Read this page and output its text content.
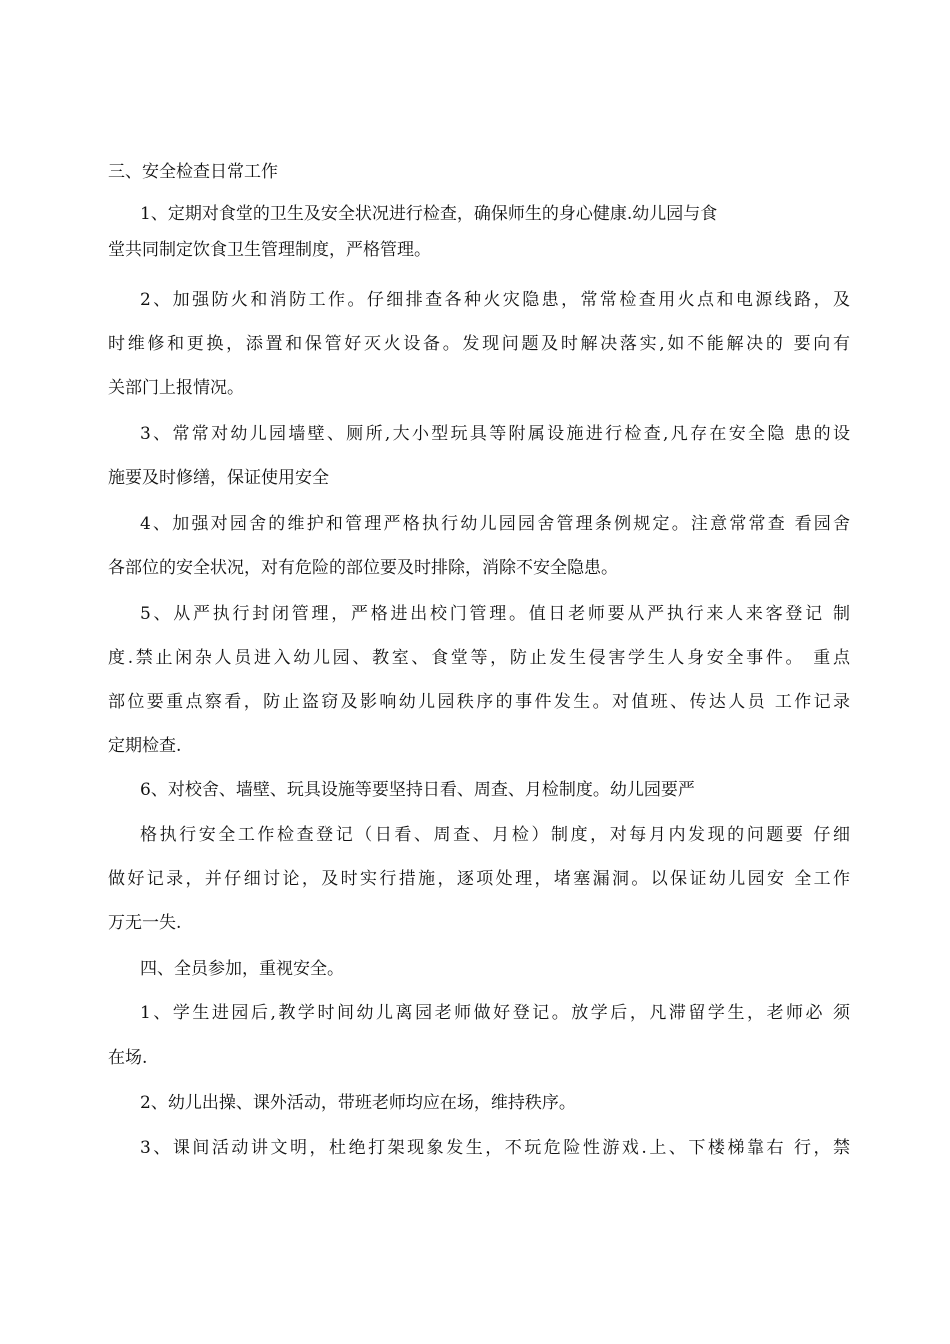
三、安全检查日常工作
1、定期对食堂的卫生及安全状况进行检查，确保师生的身心健康.幼儿园与食
堂共同制定饮食卫生管理制度，严格管理。
2、加强防火和消防工作。仔细排查各种火灾隐患，常常检查用火点和电源线路，及
时维修和更换，添置和保管好灭火设备。发现问题及时解决落实,如不能解决的 要向有
关部门上报情况。
3、常常对幼儿园墙壁、厕所,大小型玩具等附属设施进行检查,凡存在安全隐 患的设
施要及时修缮，保证使用安全
4、加强对园舍的维护和管理严格执行幼儿园园舍管理条例规定。注意常常查 看园舍
各部位的安全状况，对有危险的部位要及时排除，消除不安全隐患。
5、从严执行封闭管理，严格进出校门管理。值日老师要从严执行来人来客登记 制
度.禁止闲杂人员进入幼儿园、教室、食堂等，防止发生侵害学生人身安全事件。 重点
部位要重点察看，防止盗窃及影响幼儿园秩序的事件发生。对值班、传达人员 工作记录
定期检查.
6、对校舍、墙壁、玩具设施等要坚持日看、周查、月检制度。幼儿园要严
格执行安全工作检查登记（日看、周查、月检）制度，对每月内发现的问题要 仔细
做好记录，并仔细讨论，及时实行措施，逐项处理，堵塞漏洞。以保证幼儿园安 全工作
万无一失.
四、全员参加，重视安全。
1、学生进园后,教学时间幼儿离园老师做好登记。放学后，凡滞留学生，老师必 须
在场.
2、幼儿出操、课外活动，带班老师均应在场，维持秩序。
3、课间活动讲文明，杜绝打架现象发生，不玩危险性游戏.上、下楼梯靠右 行，禁
